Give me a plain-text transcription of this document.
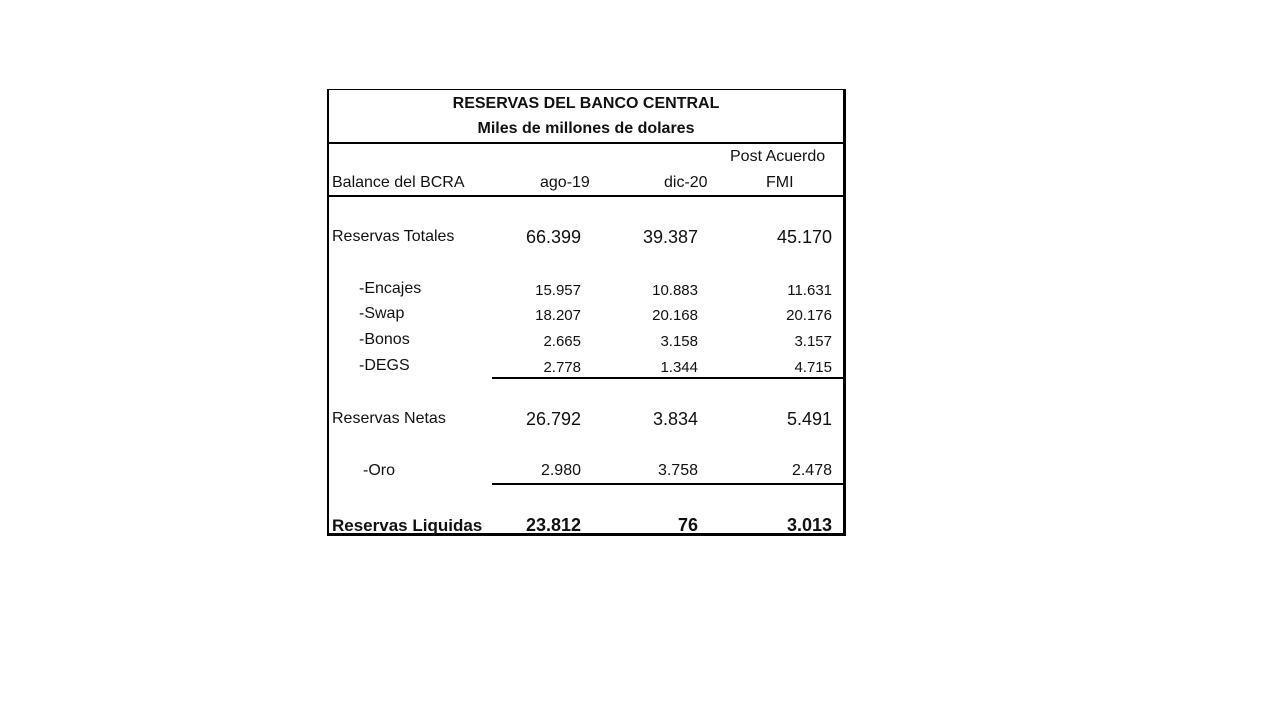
RESERVAS DEL BANCO CENTRAL
Miles de millones de dolares
Post Acuerdo
Balance del BCRA	ago-19	dic-20	FMI
Reservas Totales	66.399	39.387	45.170
-Encajes	15.957	10.883	11.631
-Swap	18.207	20.168	20.176
-Bonos	2.665	3.158	3.157
-DEGS	2.778	1.344	4.715
Reservas Netas	26.792	3.834	5.491
-Oro	2.980	3.758	2.478
Reservas Liquidas	23.812	76	3.013
